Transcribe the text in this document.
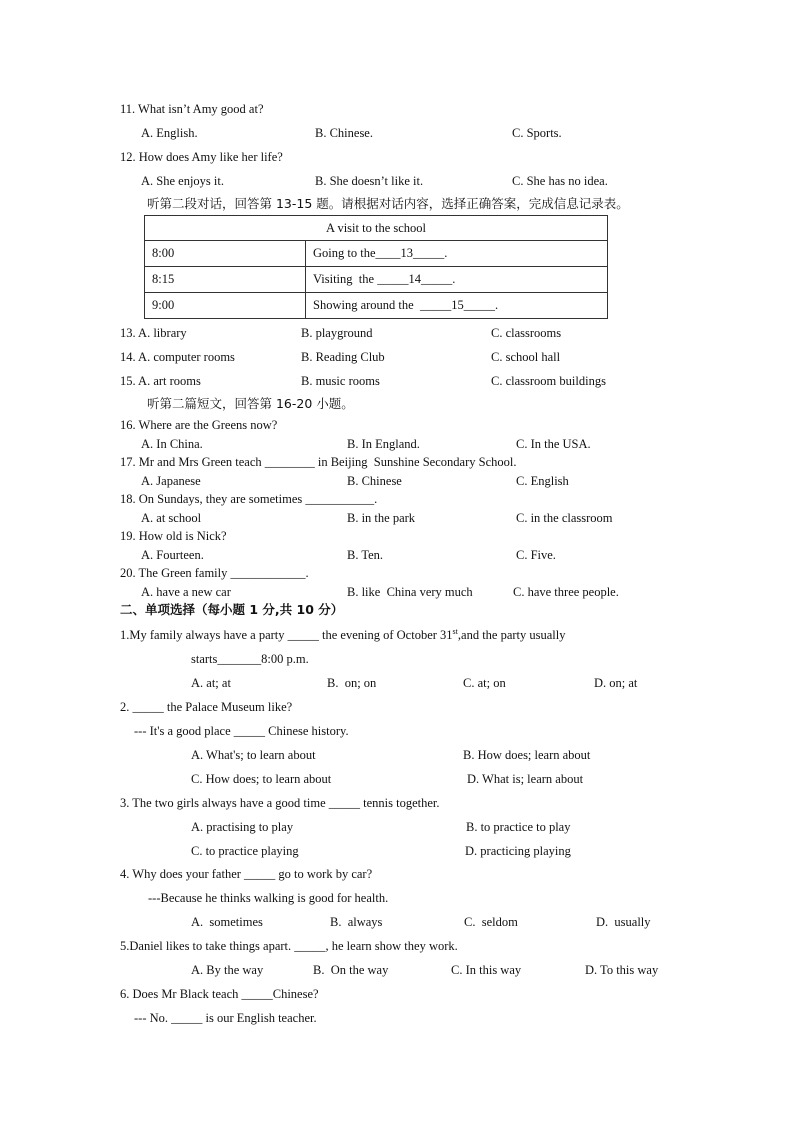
11. What isn’t Amy good at?
A. English.	B. Chinese.	C. Sports.
12. How does Amy like her life?
A. She enjoys it.	B. She doesn’t like it.	C. She has no idea.
听第二段对话，回答第 13-15 题。请根据对话内容，选择正确答案，完成信息记录表。
A visit to the school	
8:00	Going to the____13_____.
8:15	Visiting  the _____14_____.
9:00	Showing around the  _____15_____.
13. A. library	B. playground	C. classrooms
14. A. computer rooms	B. Reading Club	C. school hall
15. A. art rooms	B. music rooms	C. classroom buildings
听第二篇短文，回答第 16-20 小题。
16. Where are the Greens now?
A. In China.	B. In England.	C. In the USA.
17. Mr and Mrs Green teach ________ in Beijing  Sunshine Secondary School.
A. Japanese	B. Chinese	C. English
18. On Sundays, they are sometimes ___________.
A. at school	B. in the park	C. in the classroom
19. How old is Nick?
A. Fourteen.	B. Ten.	C. Five.
20. The Green family ____________.
A. have a new car	B. like  China very much	C. have three people.
二、单项选择（每小题 1 分,共 10 分）
1.My family always have a party _____ the evening of October 31st,and the party usually
starts_______8:00 p.m.
A. at; at	B.  on; on	C. at; on	D. on; at
2. _____ the Palace Museum like?
--- It's a good place _____ Chinese history.
A. What's; to learn about	B. How does; learn about
C. How does; to learn about	D. What is; learn about
3. The two girls always have a good time _____ tennis together.
A. practising to play	B. to practice to play
C. to practice playing	D. practicing playing
4. Why does your father _____ go to work by car?
---Because he thinks walking is good for health.
A.  sometimes	B.  always	C.  seldom	D.  usually
5.Daniel likes to take things apart. _____, he learn show they work.
A. By the way	B.  On the way	C. In this way	D. To this way
6. Does Mr Black teach _____Chinese?
--- No. _____ is our English teacher.
